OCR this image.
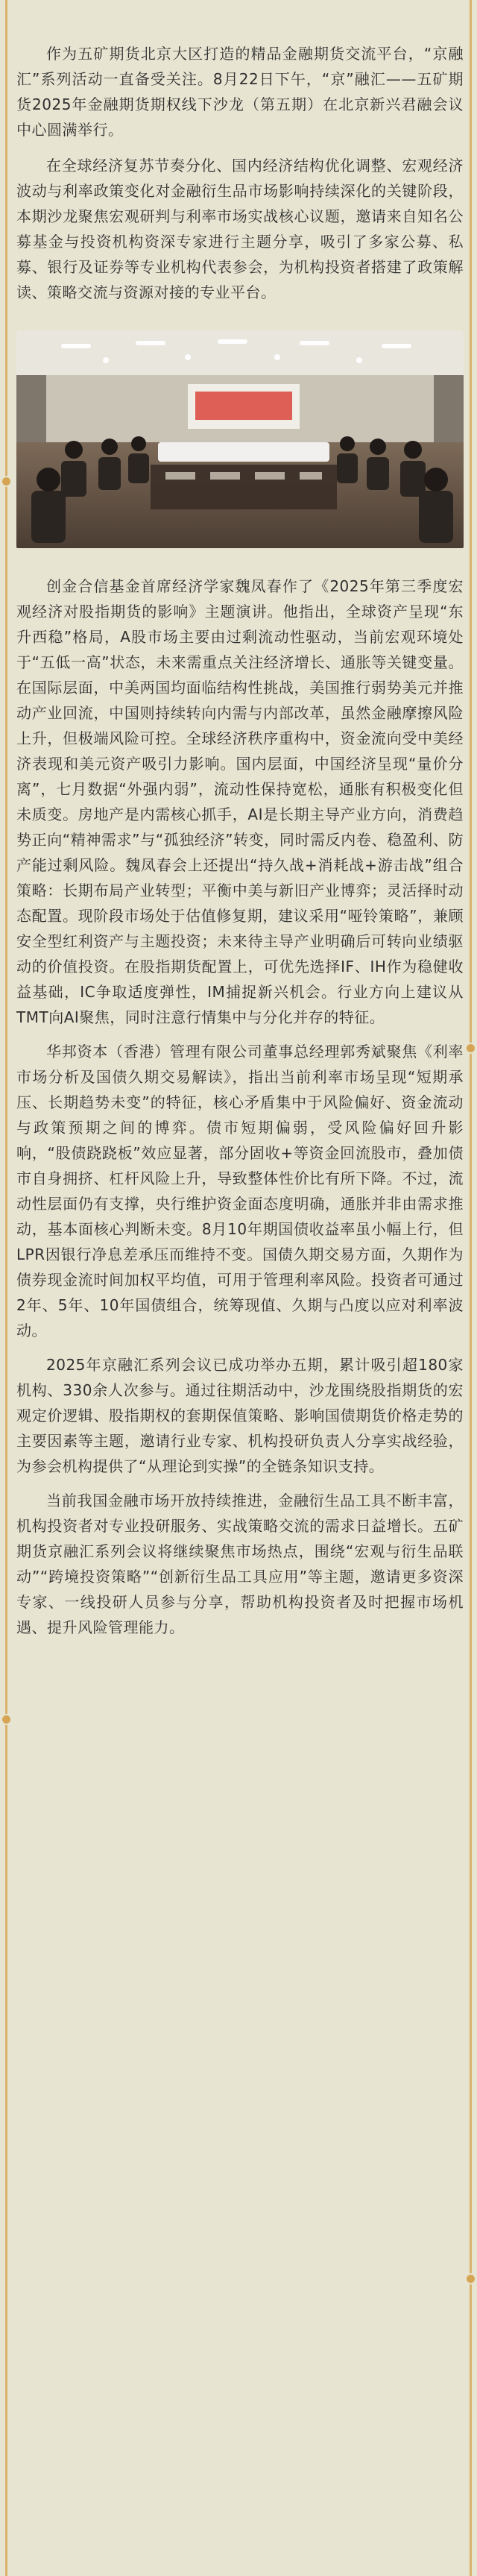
作为五矿期货北京大区打造的精品金融期货交流平台，“京融汇”系列活动一直备受关注。8月22日下午，“京”融汇——五矿期货2025年金融期货期权线下沙龙（第五期）在北京新兴君融会议中心圆满举行。

在全球经济复苏节奏分化、国内经济结构优化调整、宏观经济波动与利率政策变化对金融衍生品市场影响持续深化的关键阶段，本期沙龙聚焦宏观研判与利率市场实战核心议题，邀请来自知名公募基金与投资机构资深专家进行主题分享，吸引了多家公募、私募、银行及证券等专业机构代表参会，为机构投资者搭建了政策解读、策略交流与资源对接的专业平台。

创金合信基金首席经济学家魏凤春作了《2025年第三季度宏观经济对股指期货的影响》主题演讲。他指出，全球资产呈现“东升西稳”格局，A股市场主要由过剩流动性驱动，当前宏观环境处于“五低一高”状态，未来需重点关注经济增长、通胀等关键变量。在国际层面，中美两国均面临结构性挑战，美国推行弱势美元并推动产业回流，中国则持续转向内需与内部改革，虽然金融摩擦风险上升，但极端风险可控。全球经济秩序重构中，资金流向受中美经济表现和美元资产吸引力影响。国内层面，中国经济呈现“量价分离”，七月数据“外强内弱”，流动性保持宽松，通胀有积极变化但未质变。房地产是内需核心抓手，AI是长期主导产业方向，消费趋势正向“精神需求”与“孤独经济”转变，同时需反内卷、稳盈利、防产能过剩风险。魏凤春会上还提出“持久战+消耗战+游击战”组合策略：长期布局产业转型；平衡中美与新旧产业博弈；灵活择时动态配置。现阶段市场处于估值修复期，建议采用“哑铃策略”，兼顾安全型红利资产与主题投资；未来待主导产业明确后可转向业绩驱动的价值投资。在股指期货配置上，可优先选择IF、IH作为稳健收益基础，IC争取适度弹性，IM捕捉新兴机会。行业方向上建议从TMT向AI聚焦，同时注意行情集中与分化并存的特征。

华邦资本（香港）管理有限公司董事总经理郭秀斌聚焦《利率市场分析及国债久期交易解读》，指出当前利率市场呈现“短期承压、长期趋势未变”的特征，核心矛盾集中于风险偏好、资金流动与政策预期之间的博弈。债市短期偏弱，受风险偏好回升影响，“股债跷跷板”效应显著，部分固收+等资金回流股市，叠加债市自身拥挤、杠杆风险上升，导致整体性价比有所下降。不过，流动性层面仍有支撑，央行维护资金面态度明确，通胀并非由需求推动，基本面核心判断未变。8月10年期国债收益率虽小幅上行，但LPR因银行净息差承压而维持不变。国债久期交易方面，久期作为债券现金流时间加权平均值，可用于管理利率风险。投资者可通过2年、5年、10年国债组合，统筹现值、久期与凸度以应对利率波动。

2025年京融汇系列会议已成功举办五期，累计吸引超180家机构、330余人次参与。通过往期活动中，沙龙围绕股指期货的宏观定价逻辑、股指期权的套期保值策略、影响国债期货价格走势的主要因素等主题，邀请行业专家、机构投研负责人分享实战经验，为参会机构提供了“从理论到实操”的全链条知识支持。

当前我国金融市场开放持续推进，金融衍生品工具不断丰富，机构投资者对专业投研服务、实战策略交流的需求日益增长。五矿期货京融汇系列会议将继续聚焦市场热点，围绕“宏观与衍生品联动”“跨境投资策略”“创新衍生品工具应用”等主题，邀请更多资深专家、一线投研人员参与分享，帮助机构投资者及时把握市场机遇、提升风险管理能力。
